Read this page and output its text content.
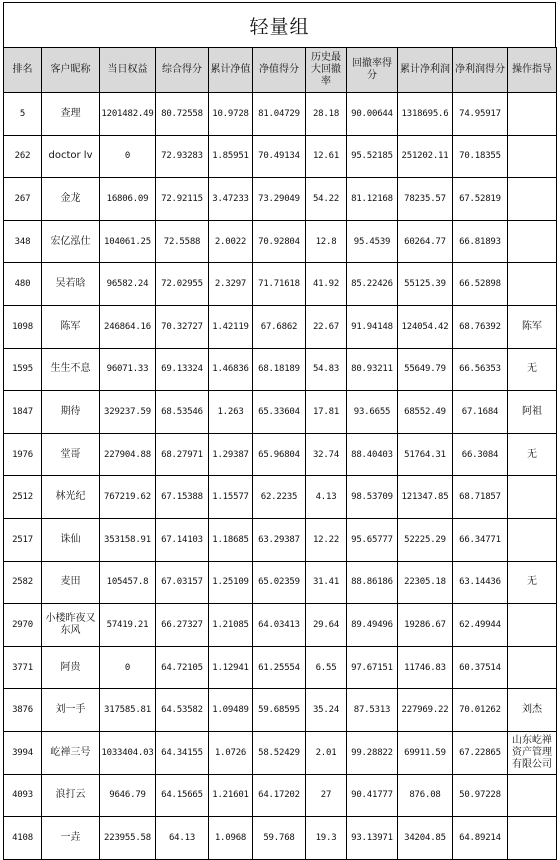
轻量组
排名	客户昵称	当日权益	综合得分	累计净值	净值得分	历史最大回撤率	回撤率得分	累计净利润	净利润得分	操作指导
5	查理	1201482.49	80.72558	10.9728	81.04729	28.18	90.00644	1318695.6	74.95917	
262	doctor lv	0	72.93283	1.85951	70.49134	12.61	95.52185	251202.11	70.18355	
267	金龙	16806.09	72.92115	3.47233	73.29049	54.22	81.12168	78235.57	67.52819	
348	宏亿泓仕	104061.25	72.5588	2.0022	70.92804	12.8	95.4539	60264.77	66.81893	
480	吴若晗	96582.24	72.02955	2.3297	71.71618	41.92	85.22426	55125.39	66.52898	
1098	陈军	246864.16	70.32727	1.42119	67.6862	22.67	91.94148	124054.42	68.76392	陈军
1595	生生不息	96071.33	69.13324	1.46836	68.18189	54.83	80.93211	55649.79	66.56353	无
1847	期待	329237.59	68.53546	1.263	65.33604	17.81	93.6655	68552.49	67.1684	阿祖
1976	堂哥	227904.88	68.27971	1.29387	65.96804	32.74	88.40403	51764.31	66.3084	无
2512	林光纪	767219.62	67.15388	1.15577	62.2235	4.13	98.53709	121347.85	68.71857	
2517	诛仙	353158.91	67.14103	1.18685	63.29387	12.22	95.65777	52225.29	66.34771	
2582	麦田	105457.8	67.03157	1.25109	65.02359	31.41	88.86186	22305.18	63.14436	无
2970	小楼昨夜又东风	57419.21	66.27327	1.21085	64.03413	29.64	89.49496	19286.67	62.49944	
3771	阿贵	0	64.72105	1.12941	61.25554	6.55	97.67151	11746.83	60.37514	
3876	刘一手	317585.81	64.53582	1.09489	59.68595	35.24	87.5313	227969.22	70.01262	刘杰
3994	屹禅三号	1033404.03	64.34155	1.0726	58.52429	2.01	99.28822	69911.59	67.22865	山东屹禅资产管理有限公司
4093	浪打云	9646.79	64.15665	1.21601	64.17202	27	90.41777	876.08	50.97228	
4108	一垚	223955.58	64.13	1.0968	59.768	19.3	93.13971	34204.85	64.89214	
